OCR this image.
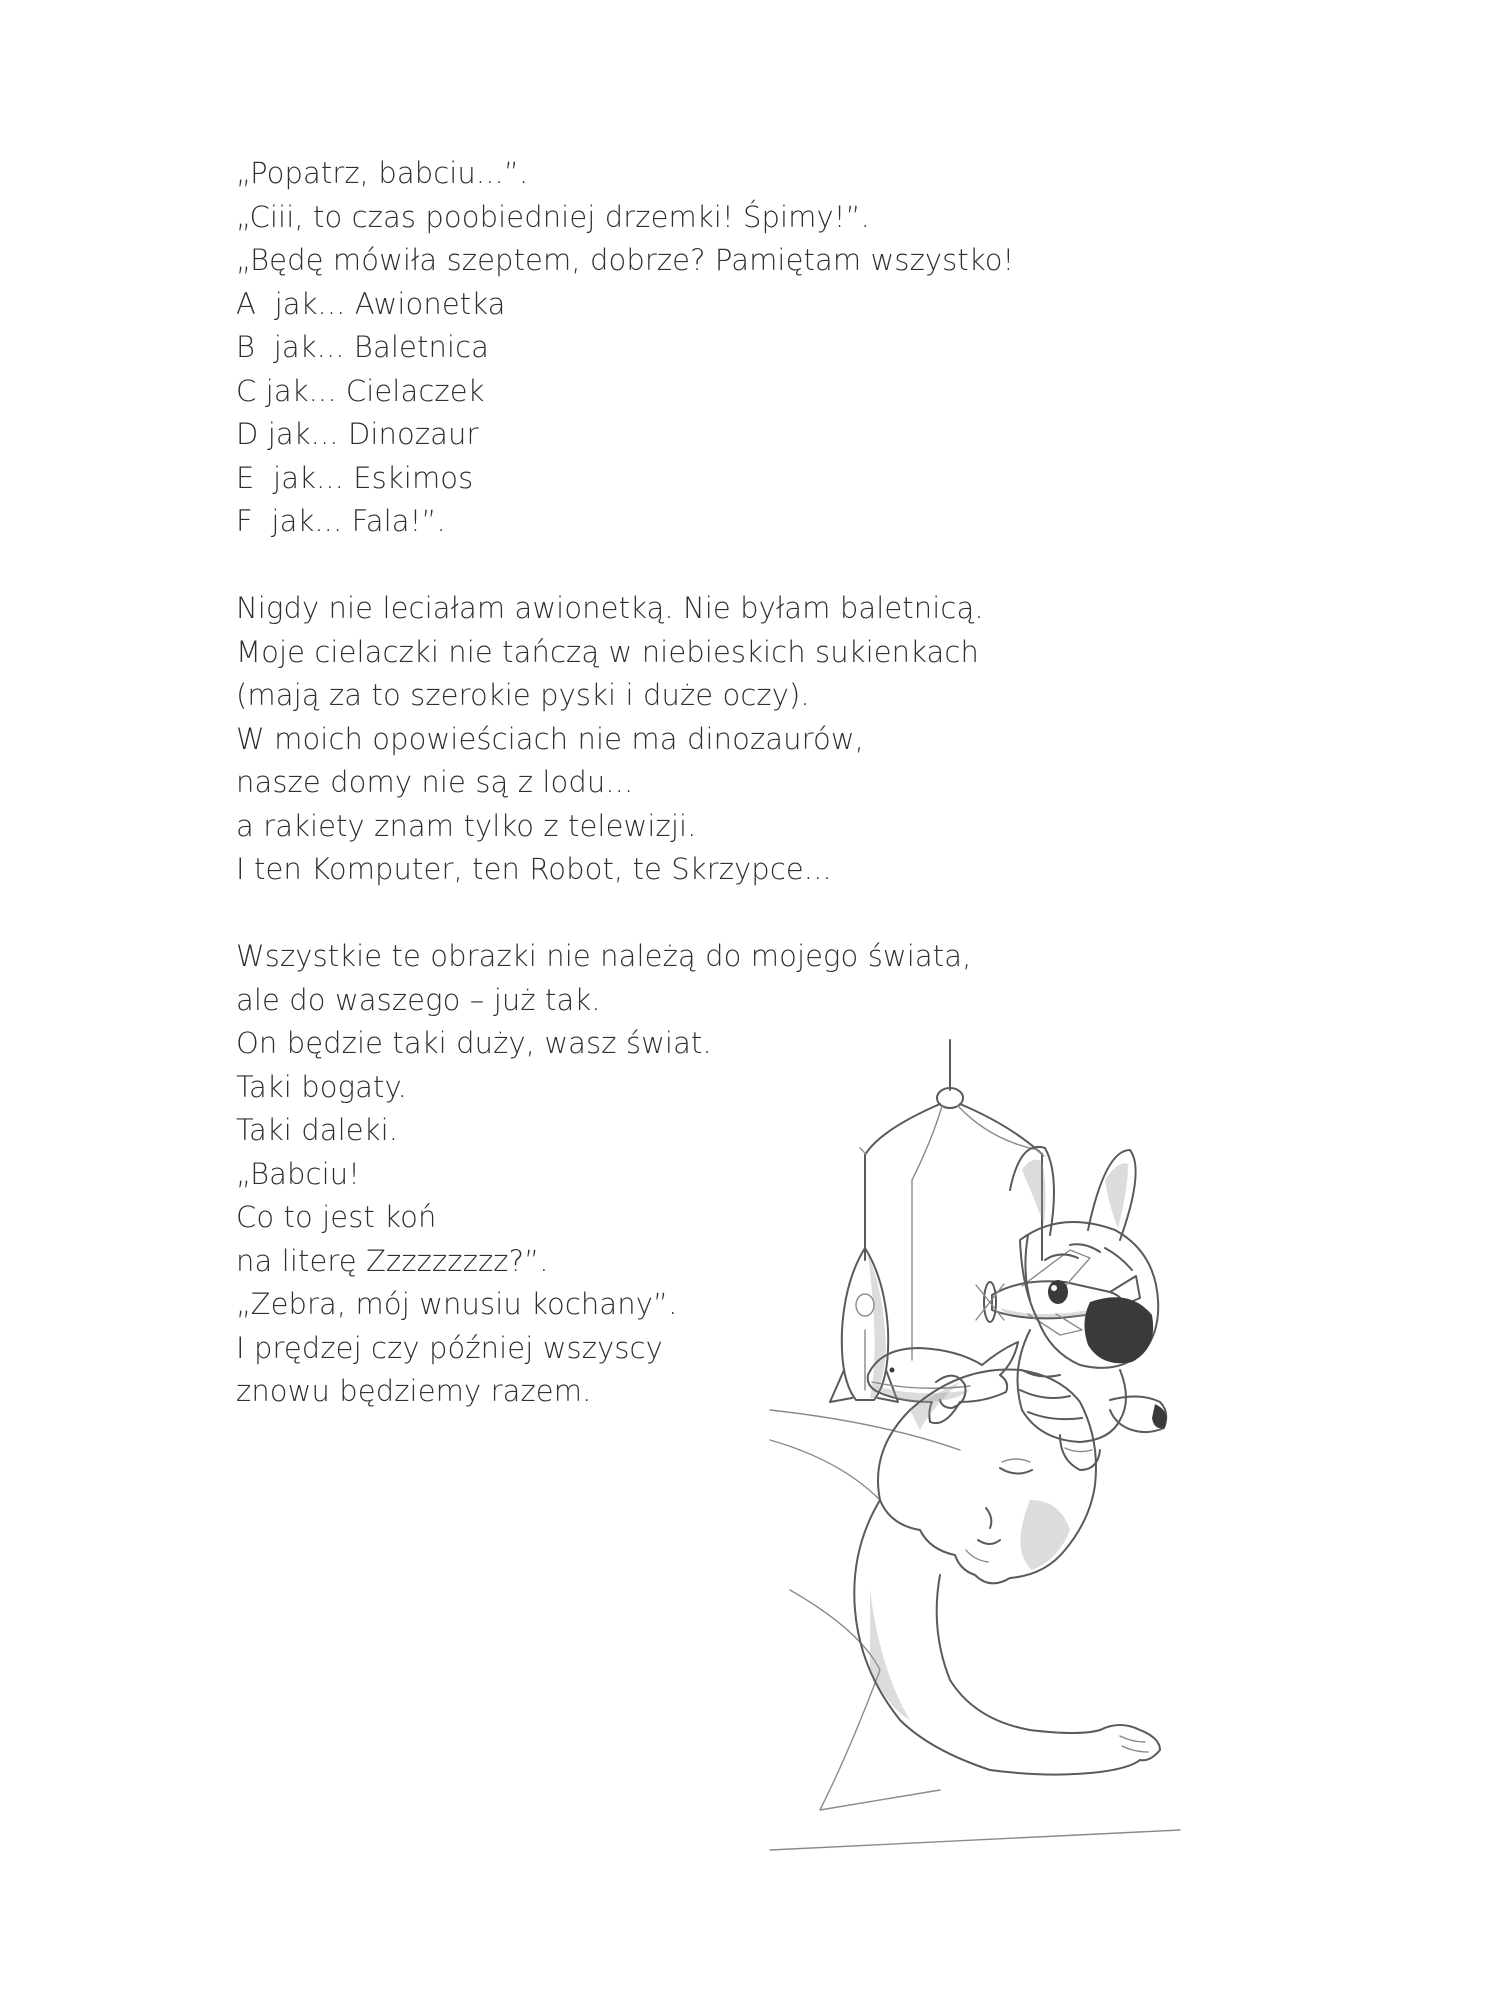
„Popatrz, babciu...”.
„Ciii, to czas poobiedniej drzemki! Śpimy!”.
„Będę mówiła szeptem, dobrze? Pamiętam wszystko!
A  jak... Awionetka
B  jak... Baletnica
C jak... Cielaczek
D jak... Dinozaur
E  jak... Eskimos
F  jak... Fala!”.
Nigdy nie leciałam awionetką. Nie byłam baletnicą.
Moje cielaczki nie tańczą w niebieskich sukienkach
(mają za to szerokie pyski i duże oczy).
W moich opowieściach nie ma dinozaurów,
nasze domy nie są z lodu...
a rakiety znam tylko z telewizji.
I ten Komputer, ten Robot, te Skrzypce...
Wszystkie te obrazki nie należą do mojego świata,
ale do waszego – już tak.
On będzie taki duży, wasz świat.
Taki bogaty.
Taki daleki.
„Babciu!
Co to jest koń
na literę Zzzzzzzzz?”.
„Zebra, mój wnusiu kochany”.
I prędzej czy później wszyscy
znowu będziemy razem.
